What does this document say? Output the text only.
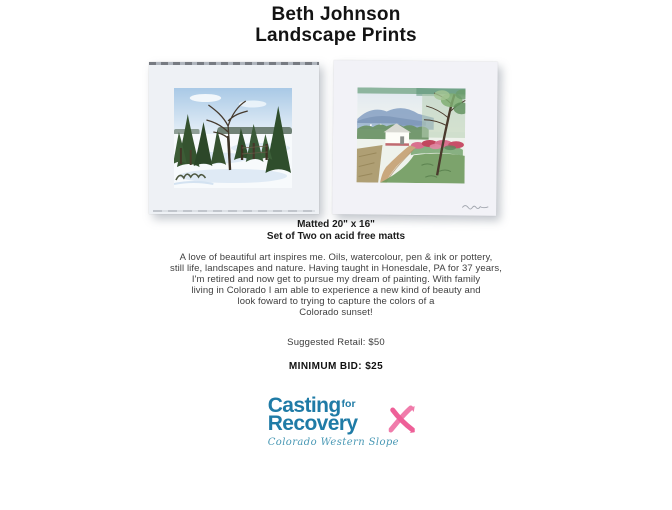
Beth Johnson
Landscape Prints
Matted 20" x 16"
Set of Two on acid free matts
A love of beautiful art inspires me. Oils, watercolour, pen & ink or pottery,
still life, landscapes and nature. Having taught in Honesdale, PA for 37 years,
I'm retired and now get to pursue my dream of painting. With family
living in Colorado I am able to experience a new kind of beauty and
look foward to trying to capture the colors of a
Colorado sunset!
Suggested Retail: $50
MINIMUM BID: $25
Casting$^{for}$
Recovery
Colorado Western Slope
